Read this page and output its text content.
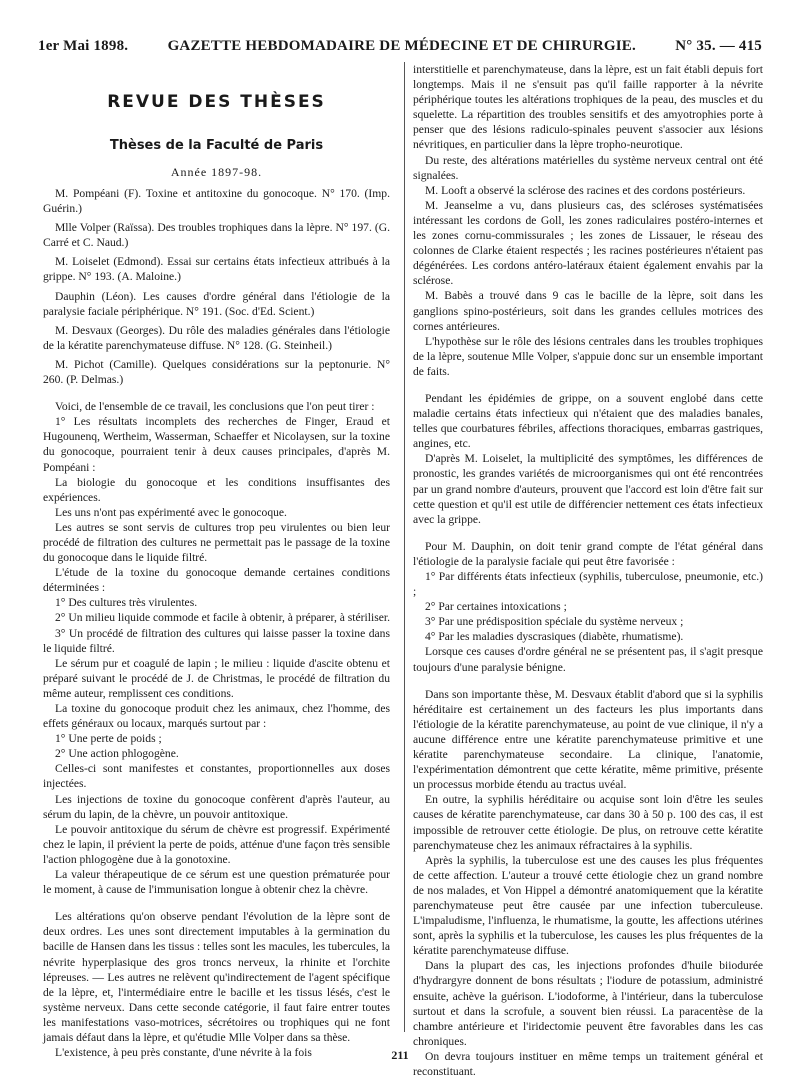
1er Mai 1898.	GAZETTE HEBDOMADAIRE DE MÉDECINE ET DE CHIRURGIE.	N° 35. — 415
REVUE DES THÈSES
Thèses de la Faculté de Paris
Année 1897-98.

M. Pompéani (F). Toxine et antitoxine du gonocoque. N° 170. (Imp. Guérin.)

Mlle Volper (Raïssa). Des troubles trophiques dans la lèpre. N° 197. (G. Carré et C. Naud.)

M. Loiselet (Edmond). Essai sur certains états infectieux attribués à la grippe. N° 193. (A. Maloine.)

Dauphin (Léon). Les causes d'ordre général dans l'étiologie de la paralysie faciale périphérique. N° 191. (Soc. d'Ed. Scient.)

M. Desvaux (Georges). Du rôle des maladies générales dans l'étiologie de la kératite parenchymateuse diffuse. N° 128. (G. Steinheil.)

M. Pichot (Camille). Quelques considérations sur la peptonurie. N° 260. (P. Delmas.)

Voici, de l'ensemble de ce travail, les conclusions que l'on peut tirer :

1° Les résultats incomplets des recherches de Finger, Eraud et Hugounenq, Wertheim, Wasserman, Schaeffer et Nicolaysen, sur la toxine du gonocoque, pourraient tenir à deux causes principales, d'après M. Pompéani :

La biologie du gonocoque et les conditions insuffisantes des expériences.

Les uns n'ont pas expérimenté avec le gonocoque.

Les autres se sont servis de cultures trop peu virulentes ou bien leur procédé de filtration des cultures ne permettait pas le passage de la toxine du gonocoque dans le liquide filtré.

L'étude de la toxine du gonocoque demande certaines conditions déterminées :

1° Des cultures très virulentes.

2° Un milieu liquide commode et facile à obtenir, à préparer, à stériliser.

3° Un procédé de filtration des cultures qui laisse passer la toxine dans le liquide filtré.

Le sérum pur et coagulé de lapin ; le milieu : liquide d'ascite obtenu et préparé suivant le procédé de J. de Christmas, le procédé de filtration du même auteur, remplissent ces conditions.

La toxine du gonocoque produit chez les animaux, chez l'homme, des effets généraux ou locaux, marqués surtout par :

1° Une perte de poids ;

2° Une action phlogogène.

Celles-ci sont manifestes et constantes, proportionnelles aux doses injectées.

Les injections de toxine du gonocoque confèrent d'après l'auteur, au sérum du lapin, de la chèvre, un pouvoir antitoxique.

Le pouvoir antitoxique du sérum de chèvre est progressif. Expérimenté chez le lapin, il prévient la perte de poids, atténue d'une façon très sensible l'action phlogogène due à la gonotoxine.

La valeur thérapeutique de ce sérum est une question prématurée pour le moment, à cause de l'immunisation longue à obtenir chez la chèvre.

Les altérations qu'on observe pendant l'évolution de la lèpre sont de deux ordres. Les unes sont directement imputables à la germination du bacille de Hansen dans les tissus : telles sont les macules, les tubercules, la névrite hyperplasique des gros troncs nerveux, la rhinite et l'orchite lépreuses. — Les autres ne relèvent qu'indirectement de l'agent spécifique de la lèpre, et, l'intermédiaire entre le bacille et les tissus lésés, c'est le système nerveux. Dans cette seconde catégorie, il faut faire entrer toutes les manifestations vaso-motrices, sécrétoires ou trophiques qui ne font jamais défaut dans la lèpre, et qu'étudie Mlle Volper dans sa thèse.

L'existence, à peu près constante, d'une névrite à la fois

interstitielle et parenchymateuse, dans la lèpre, est un fait établi depuis fort longtemps. Mais il ne s'ensuit pas qu'il faille rapporter à la névrite périphérique toutes les altérations trophiques de la peau, des muscles et du squelette. La répartition des troubles sensitifs et des amyotrophies porte à penser que des lésions radiculo-spinales peuvent s'associer aux lésions névritiques, en particulier dans la lèpre tropho-neurotique.

Du reste, des altérations matérielles du système nerveux central ont été signalées.

M. Looft a observé la sclérose des racines et des cordons postérieurs.

M. Jeanselme a vu, dans plusieurs cas, des scléroses systématisées intéressant les cordons de Goll, les zones radiculaires postéro-internes et les zones cornu-commissurales ; les zones de Lissauer, le réseau des colonnes de Clarke étaient respectés ; les racines postérieures n'étaient pas dégénérées. Les cordons antéro-latéraux étaient également envahis par la sclérose.

M. Babès a trouvé dans 9 cas le bacille de la lèpre, soit dans les ganglions spino-postérieurs, soit dans les grandes cellules motrices des cornes antérieures.

L'hypothèse sur le rôle des lésions centrales dans les troubles trophiques de la lèpre, soutenue Mlle Volper, s'appuie donc sur un ensemble important de faits.

Pendant les épidémies de grippe, on a souvent englobé dans cette maladie certains états infectieux qui n'étaient que des maladies banales, telles que courbatures fébriles, affections thoraciques, embarras gastriques, angines, etc.

D'après M. Loiselet, la multiplicité des symptômes, les différences de pronostic, les grandes variétés de microorganismes qui ont été rencontrées par un grand nombre d'auteurs, prouvent que l'accord est loin d'être fait sur cette question et qu'il est utile de différencier nettement ces états infectieux avec la grippe.

Pour M. Dauphin, on doit tenir grand compte de l'état général dans l'étiologie de la paralysie faciale qui peut être favorisée :

1° Par différents états infectieux (syphilis, tuberculose, pneumonie, etc.) ;

2° Par certaines intoxications ;

3° Par une prédisposition spéciale du système nerveux ;

4° Par les maladies dyscrasiques (diabète, rhumatisme).

Lorsque ces causes d'ordre général ne se présentent pas, il s'agit presque toujours d'une paralysie bénigne.

Dans son importante thèse, M. Desvaux établit d'abord que si la syphilis héréditaire est certainement un des facteurs les plus importants dans l'étiologie de la kératite parenchymateuse, au point de vue clinique, il n'y a aucune différence entre une kératite parenchymateuse primitive et une kératite parenchymateuse secondaire. La clinique, l'anatomie, l'expérimentation démontrent que cette kératite, même primitive, présente un processus morbide étendu au tractus uvéal.

En outre, la syphilis héréditaire ou acquise sont loin d'être les seules causes de kératite parenchymateuse, car dans 30 à 50 p. 100 des cas, il est impossible de retrouver cette étiologie. De plus, on retrouve cette kératite parenchymateuse chez les animaux réfractaires à la syphilis.

Après la syphilis, la tuberculose est une des causes les plus fréquentes de cette affection. L'auteur a trouvé cette étiologie chez un grand nombre de nos malades, et Von Hippel a démontré anatomiquement que la kératite parenchymateuse peut être causée par une infection tuberculeuse. L'impaludisme, l'influenza, le rhumatisme, la goutte, les affections utérines sont, après la syphilis et la tuberculose, les causes les plus fréquentes de la kératite parenchymateuse diffuse.

Dans la plupart des cas, les injections profondes d'huile biiodurée d'hydrargyre donnent de bons résultats ; l'iodure de potassium, administré ensuite, achève la guérison. L'iodoforme, à l'intérieur, dans la tuberculose surtout et dans la scrofule, a souvent bien réussi. La paracentèse de la chambre antérieure et l'iridectomie peuvent être favorables dans les cas chroniques.

On devra toujours instituer en même temps un traitement général et reconstituant.

211
